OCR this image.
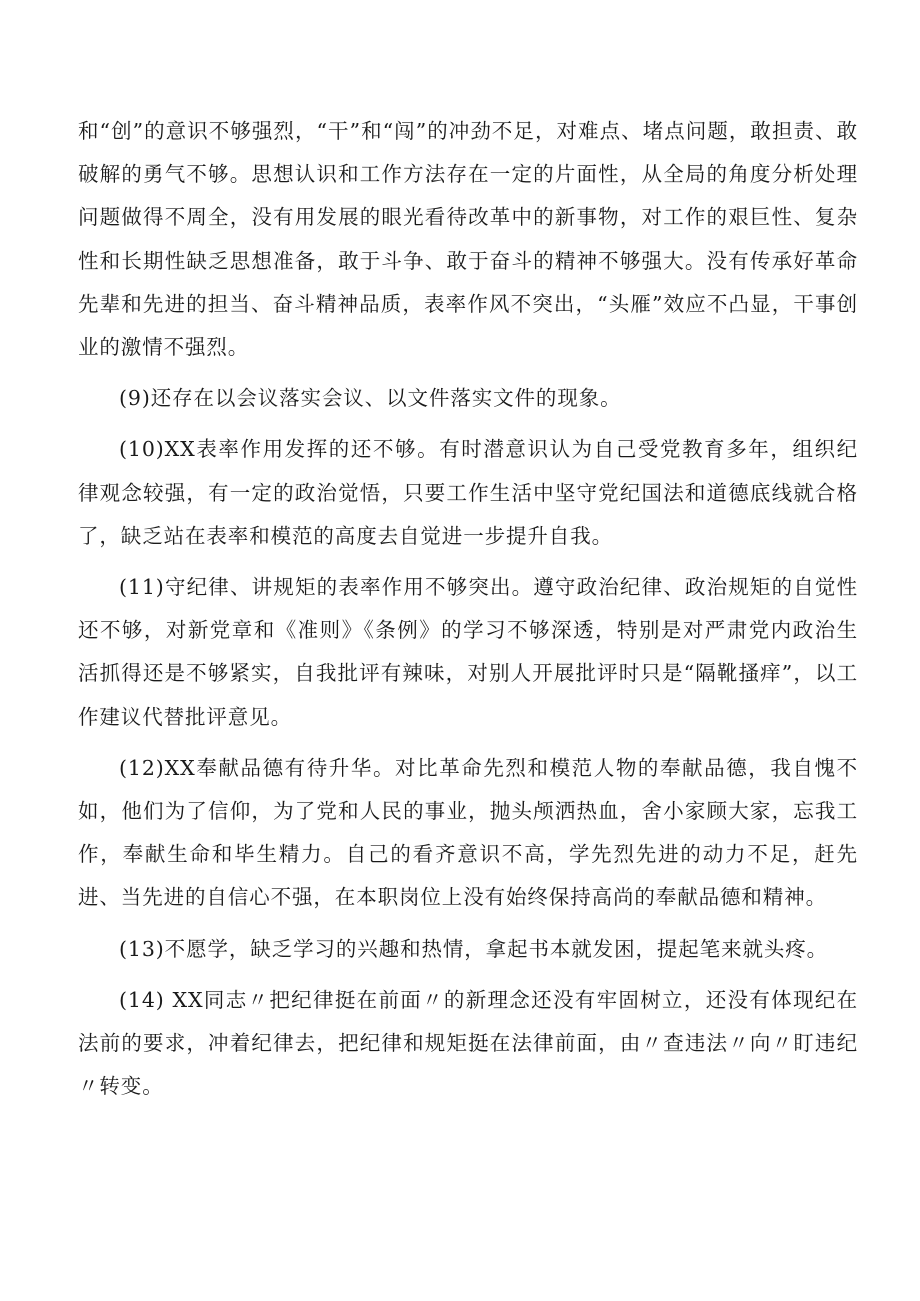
和“创”的意识不够强烈，“干”和“闯”的冲劲不足，对难点、堵点问题，敢担责、敢破解的勇气不够。思想认识和工作方法存在一定的片面性，从全局的角度分析处理问题做得不周全，没有用发展的眼光看待改革中的新事物，对工作的艰巨性、复杂性和长期性缺乏思想准备，敢于斗争、敢于奋斗的精神不够强大。没有传承好革命先辈和先进的担当、奋斗精神品质，表率作风不突出，“头雁”效应不凸显，干事创业的激情不强烈。

(9)还存在以会议落实会议、以文件落实文件的现象。

(10)XX表率作用发挥的还不够。有时潜意识认为自己受党教育多年，组织纪律观念较强，有一定的政治觉悟，只要工作生活中坚守党纪国法和道德底线就合格了，缺乏站在表率和模范的高度去自觉进一步提升自我。

(11)守纪律、讲规矩的表率作用不够突出。遵守政治纪律、政治规矩的自觉性还不够，对新党章和《准则》《条例》的学习不够深透，特别是对严肃党内政治生活抓得还是不够紧实，自我批评有辣味，对别人开展批评时只是“隔靴搔痒”，以工作建议代替批评意见。

(12)XX奉献品德有待升华。对比革命先烈和模范人物的奉献品德，我自愧不如，他们为了信仰，为了党和人民的事业，抛头颅洒热血，舍小家顾大家，忘我工作，奉献生命和毕生精力。自己的看齐意识不高，学先烈先进的动力不足，赶先进、当先进的自信心不强，在本职岗位上没有始终保持高尚的奉献品德和精神。

(13)不愿学，缺乏学习的兴趣和热情，拿起书本就发困，提起笔来就头疼。

(14) XX同志〃把纪律挺在前面〃的新理念还没有牢固树立，还没有体现纪在法前的要求，冲着纪律去，把纪律和规矩挺在法律前面，由〃查违法〃向〃盯违纪〃转变。
